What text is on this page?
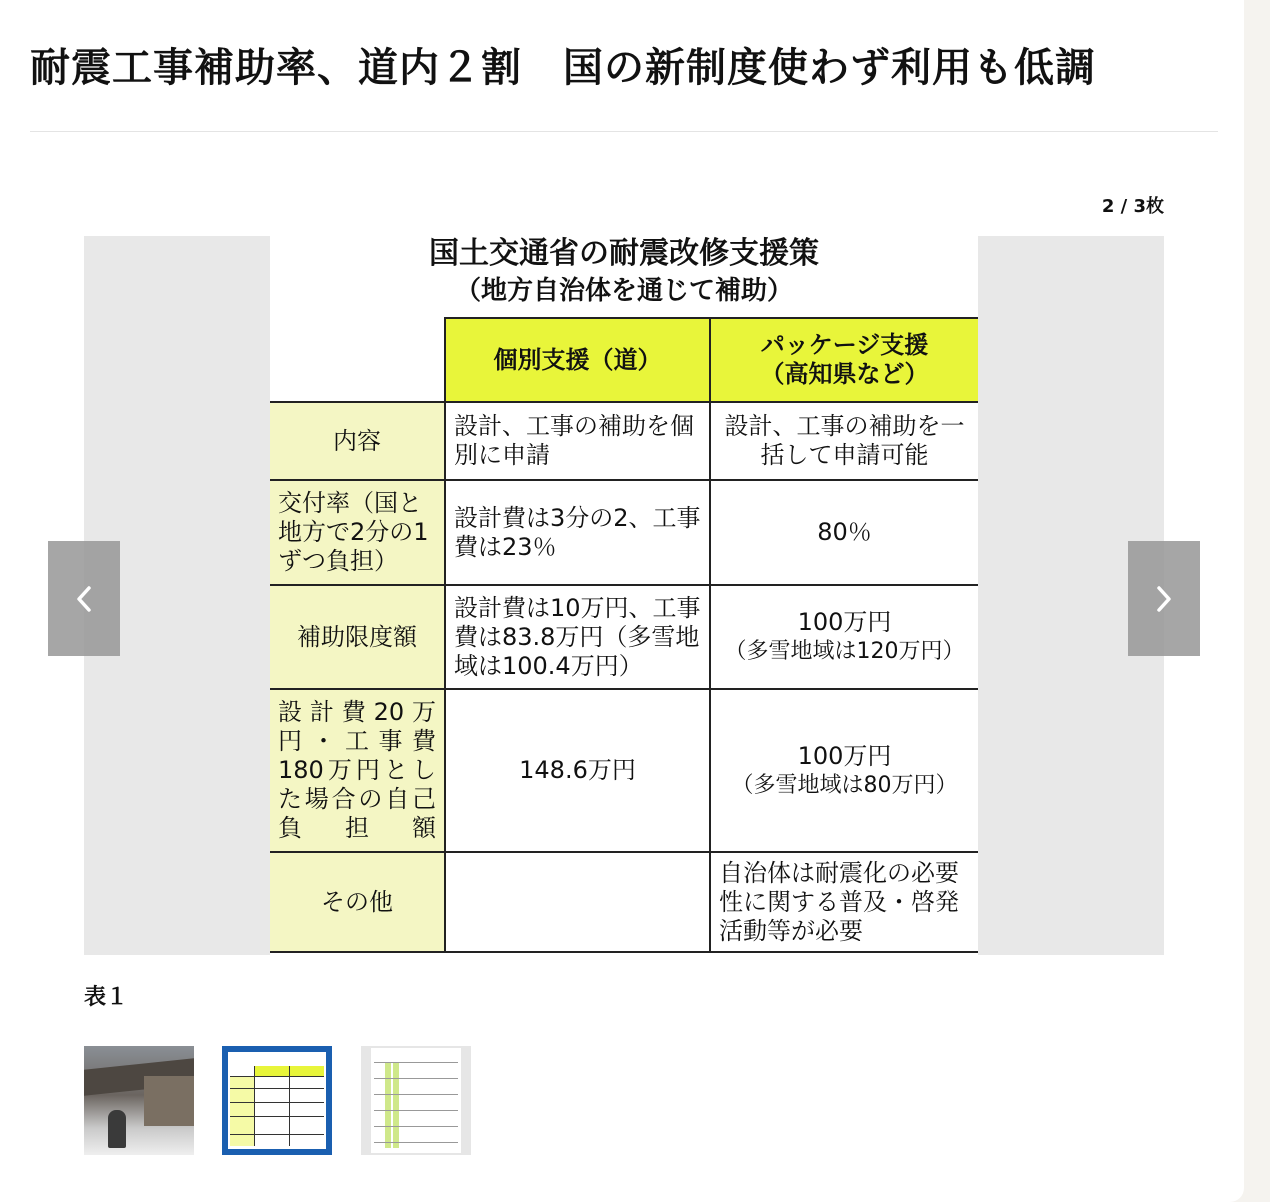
耐震工事補助率、道内２割　国の新制度使わず利用も低調
2 / 3枚
国土交通省の耐震改修支援策
（地方自治体を通じて補助）
	個別支援（道）	パッケージ支援
（高知県など）

内容	設計、工事の補助を個別に申請	設計、工事の補助を一括して申請可能
交付率（国と地方で2分の1ずつ負担）	設計費は3分の2、工事費は23％	80％
補助限度額	設計費は10万円、工事費は83.8万円（多雪地域は100.4万円）	100万円
（多雪地域は120万円）

設計費20万円・工事費180万円とした場合の自己負担額	148.6万円	100万円
（多雪地域は80万円）

その他		自治体は耐震化の必要性に関する普及・啓発活動等が必要
表１
